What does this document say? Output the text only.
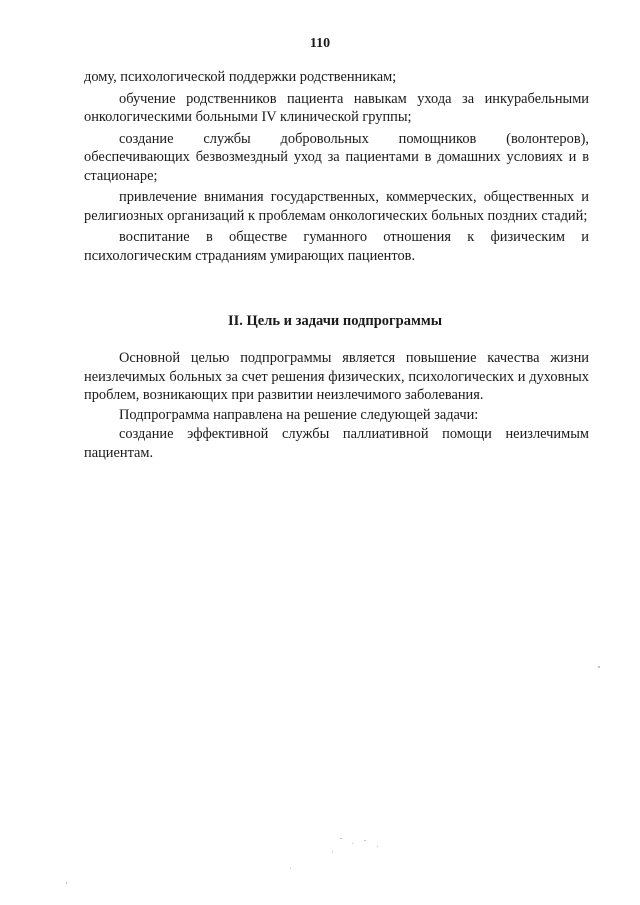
110

дому, психологической поддержки родственникам;

обучение родственников пациента навыкам ухода за инкурабельными онкологическими больными IV клинической группы;

создание службы добровольных помощников (волонтеров), обеспечивающих безвозмездный уход за пациентами в домашних условиях и в стационаре;

привлечение внимания государственных, коммерческих, общественных и религиозных организаций к проблемам онкологических больных поздних стадий;

воспитание в обществе гуманного отношения к физическим и психологическим страданиям умирающих пациентов.

II. Цель и задачи подпрограммы

Основной целью подпрограммы является повышение качества жизни неизлечимых больных за счет решения физических, психологических и духовных проблем, возникающих при развитии неизлечимого заболевания.

Подпрограмма направлена на решение следующей задачи:

создание эффективной службы паллиативной помощи неизлечимым пациентам.
